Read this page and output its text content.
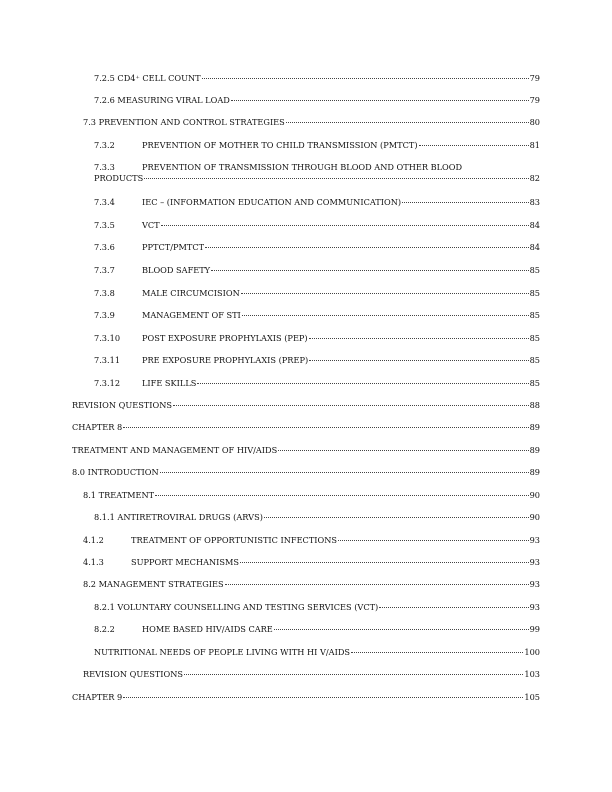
7.2.5 CD4⁺ CELL COUNT	79
7.2.6 MEASURING VIRAL LOAD	79
7.3 PREVENTION AND CONTROL STRATEGIES	80
7.3.2	PREVENTION OF MOTHER TO CHILD TRANSMISSION (PMTCT)	81
7.3.3	PREVENTION OF TRANSMISSION THROUGH BLOOD AND OTHER BLOOD
PRODUCTS	82
7.3.4	IEC – (INFORMATION EDUCATION AND COMMUNICATION)	83
7.3.5	VCT	84
7.3.6	PPTCT/PMTCT	84
7.3.7	BLOOD SAFETY	85
7.3.8	MALE CIRCUMCISION	85
7.3.9	MANAGEMENT OF STI	85
7.3.10	POST EXPOSURE PROPHYLAXIS (PEP)	85
7.3.11	PRE EXPOSURE PROPHYLAXIS (PREP)	85
7.3.12	LIFE SKILLS	85
REVISION QUESTIONS	88
CHAPTER 8	89
TREATMENT AND MANAGEMENT OF HIV/AIDS	89
8.0 INTRODUCTION	89
8.1 TREATMENT	90
8.1.1 ANTIRETROVIRAL DRUGS (ARVS)	90
4.1.2	TREATMENT OF OPPORTUNISTIC INFECTIONS	93
4.1.3	SUPPORT MECHANISMS	93
8.2 MANAGEMENT STRATEGIES	93
8.2.1 VOLUNTARY COUNSELLING AND TESTING SERVICES (VCT)	93
8.2.2	HOME BASED HIV/AIDS CARE	99
NUTRITIONAL NEEDS OF PEOPLE LIVING WITH HI V/AIDS	100
REVISION QUESTIONS	103
CHAPTER 9	105
